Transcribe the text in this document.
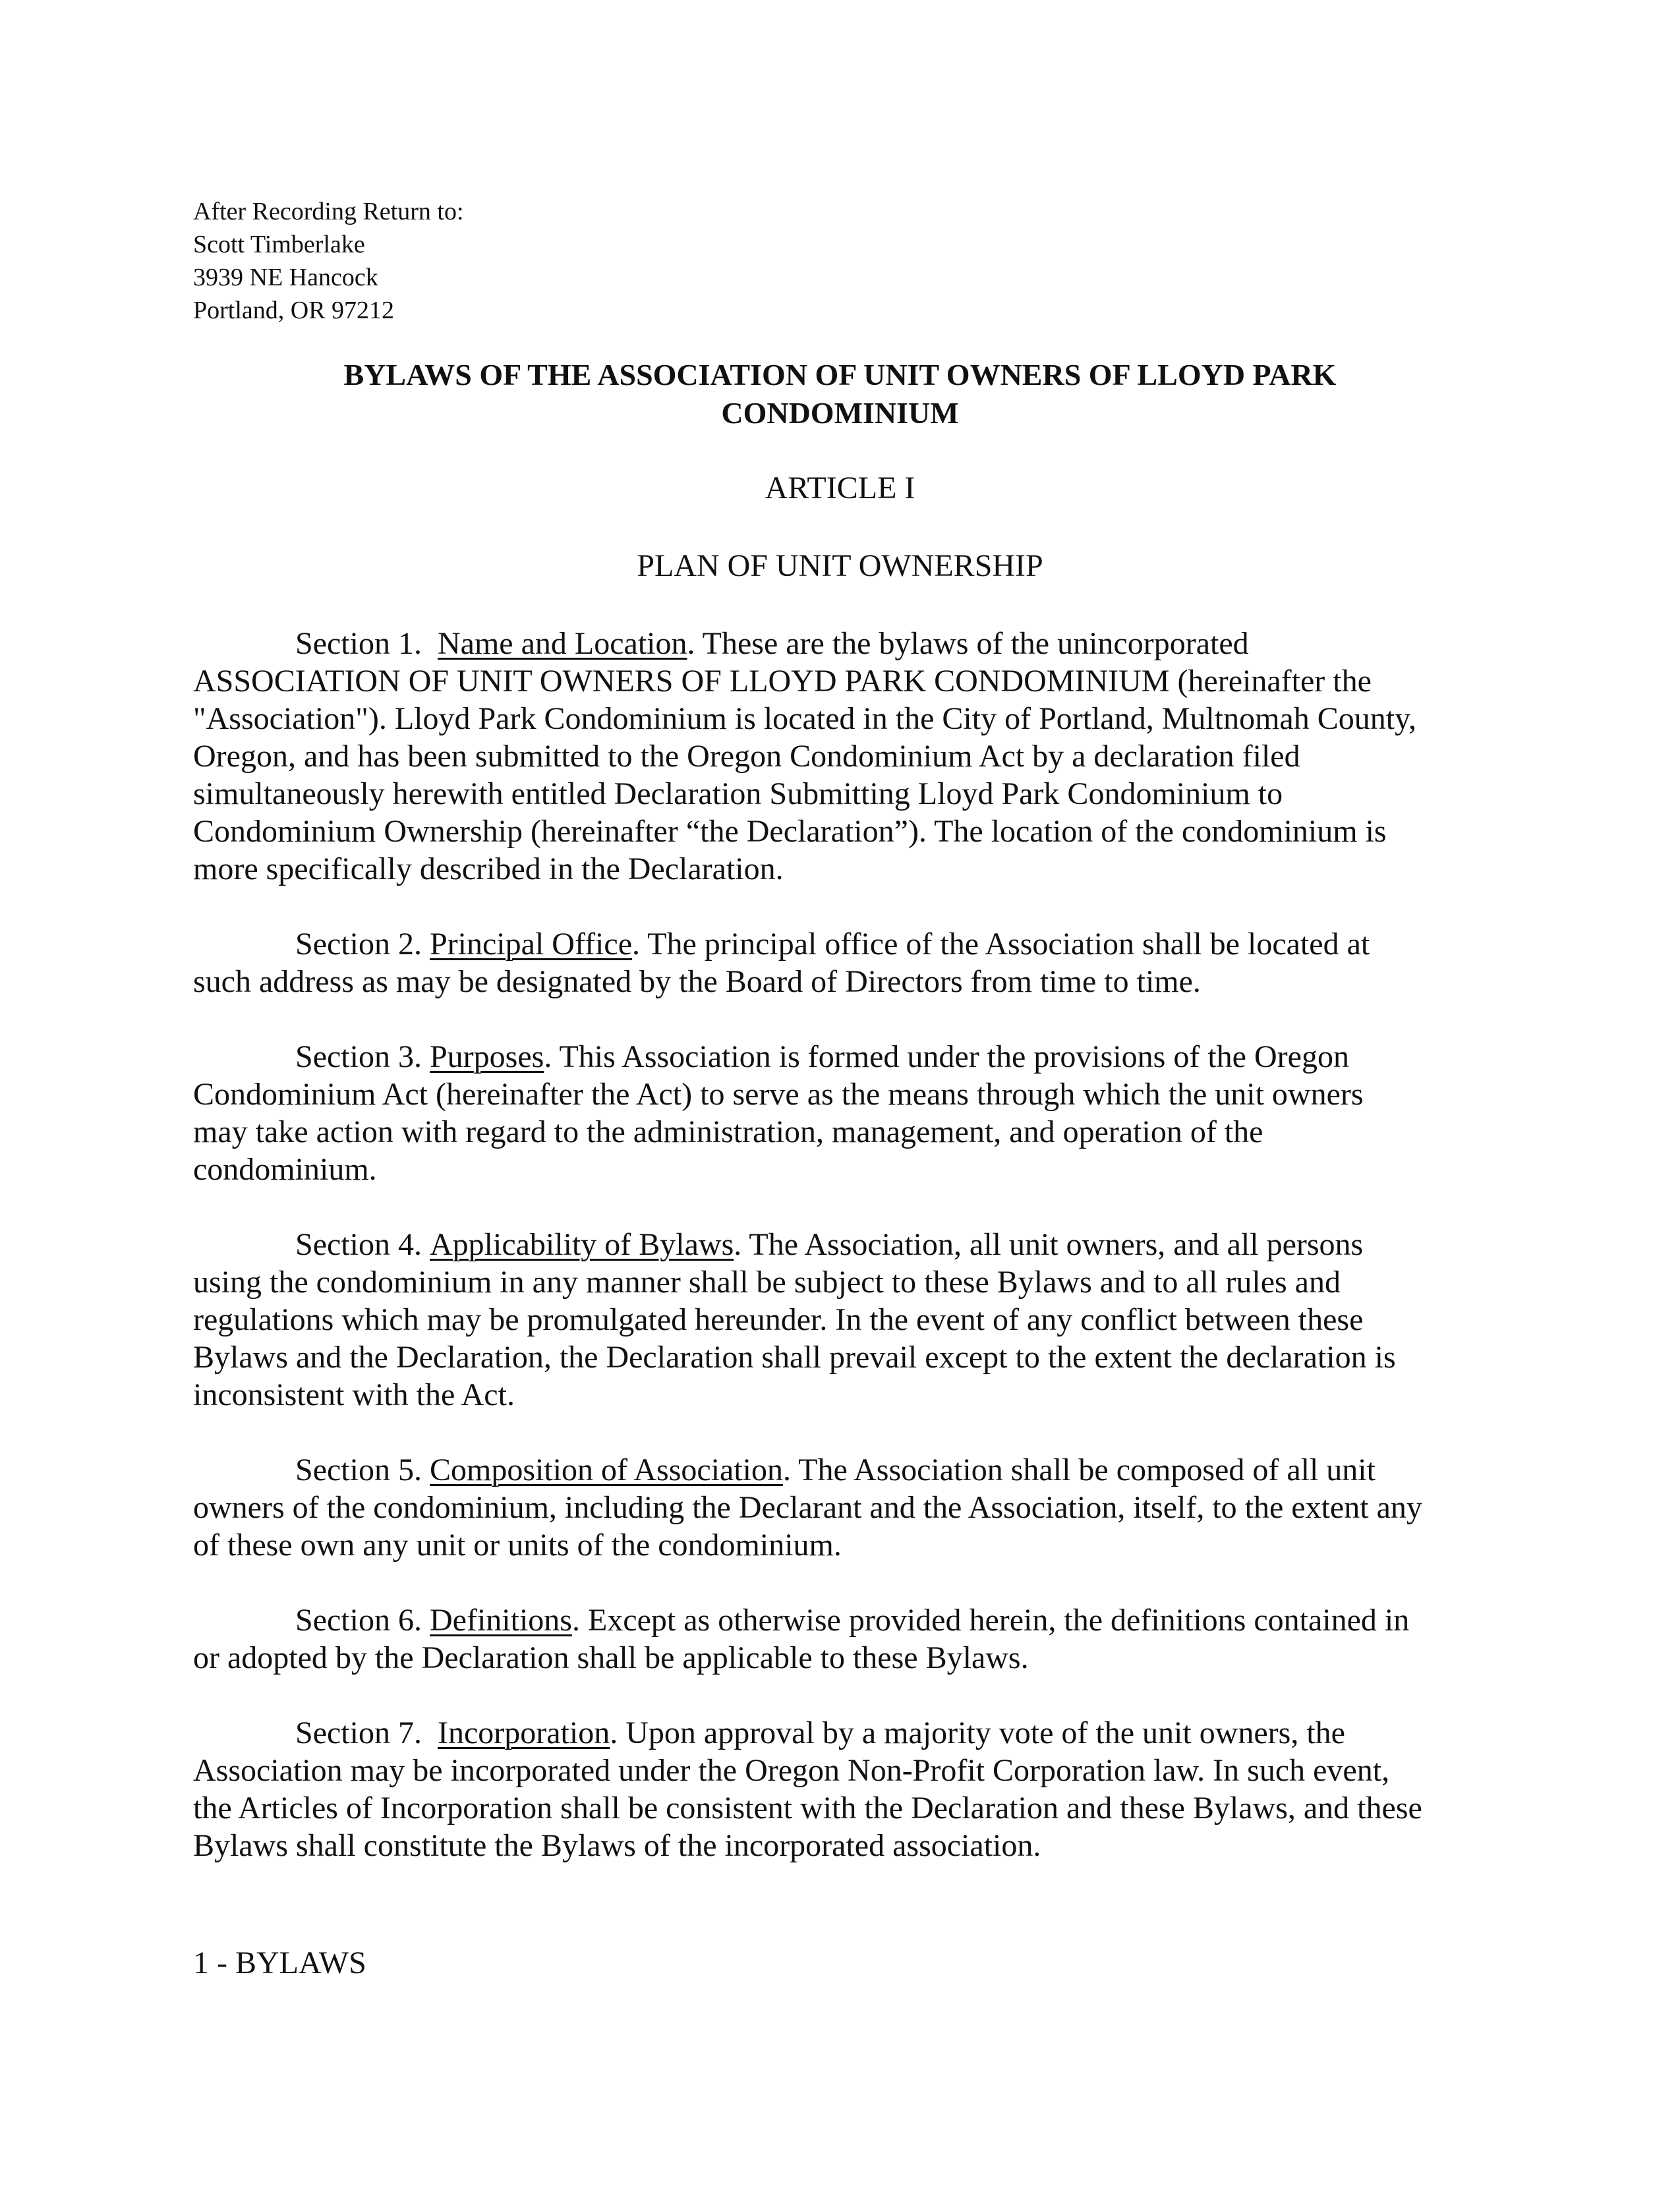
After Recording Return to:
Scott Timberlake
3939 NE Hancock
Portland, OR 97212
BYLAWS OF THE ASSOCIATION OF UNIT OWNERS OF LLOYD PARK
CONDOMINIUM
ARTICLE I
PLAN OF UNIT OWNERSHIP
Section 1. Name and Location. These are the bylaws of the unincorporated
ASSOCIATION OF UNIT OWNERS OF LLOYD PARK CONDOMINIUM (hereinafter the
"Association"). Lloyd Park Condominium is located in the City of Portland, Multnomah County,
Oregon, and has been submitted to the Oregon Condominium Act by a declaration filed
simultaneously herewith entitled Declaration Submitting Lloyd Park Condominium to
Condominium Ownership (hereinafter “the Declaration”). The location of the condominium is
more specifically described in the Declaration.
Section 2. Principal Office. The principal office of the Association shall be located at
such address as may be designated by the Board of Directors from time to time.
Section 3. Purposes. This Association is formed under the provisions of the Oregon
Condominium Act (hereinafter the Act) to serve as the means through which the unit owners
may take action with regard to the administration, management, and operation of the
condominium.
Section 4. Applicability of Bylaws. The Association, all unit owners, and all persons
using the condominium in any manner shall be subject to these Bylaws and to all rules and
regulations which may be promulgated hereunder. In the event of any conflict between these
Bylaws and the Declaration, the Declaration shall prevail except to the extent the declaration is
inconsistent with the Act.
Section 5. Composition of Association. The Association shall be composed of all unit
owners of the condominium, including the Declarant and the Association, itself, to the extent any
of these own any unit or units of the condominium.
Section 6. Definitions. Except as otherwise provided herein, the definitions contained in
or adopted by the Declaration shall be applicable to these Bylaws.
Section 7. Incorporation. Upon approval by a majority vote of the unit owners, the
Association may be incorporated under the Oregon Non-Profit Corporation law. In such event,
the Articles of Incorporation shall be consistent with the Declaration and these Bylaws, and these
Bylaws shall constitute the Bylaws of the incorporated association.
1 - BYLAWS
